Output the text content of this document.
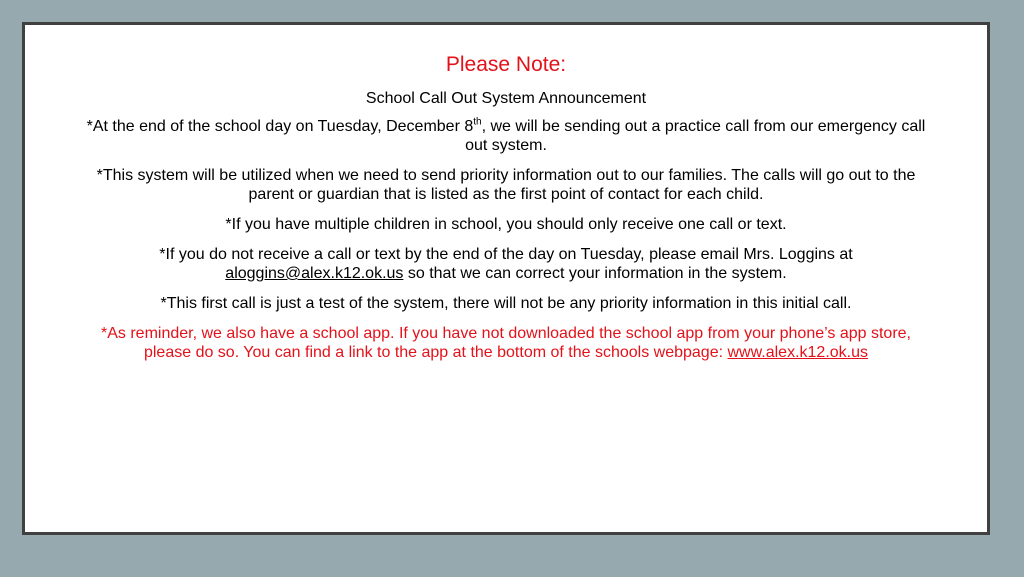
Please Note:
School Call Out System Announcement

*At the end of the school day on Tuesday, December 8th, we will be sending out a practice call from our emergency call out system.

*This system will be utilized when we need to send priority information out to our families. The calls will go out to the parent or guardian that is listed as the first point of contact for each child.

*If you have multiple children in school, you should only receive one call or text.

*If you do not receive a call or text by the end of the day on Tuesday, please email Mrs. Loggins at aloggins@alex.k12.ok.us so that we can correct your information in the system.

*This first call is just a test of the system, there will not be any priority information in this initial call.

*As reminder, we also have a school app. If you have not downloaded the school app from your phone’s app store, please do so. You can find a link to the app at the bottom of the schools webpage: www.alex.k12.ok.us
